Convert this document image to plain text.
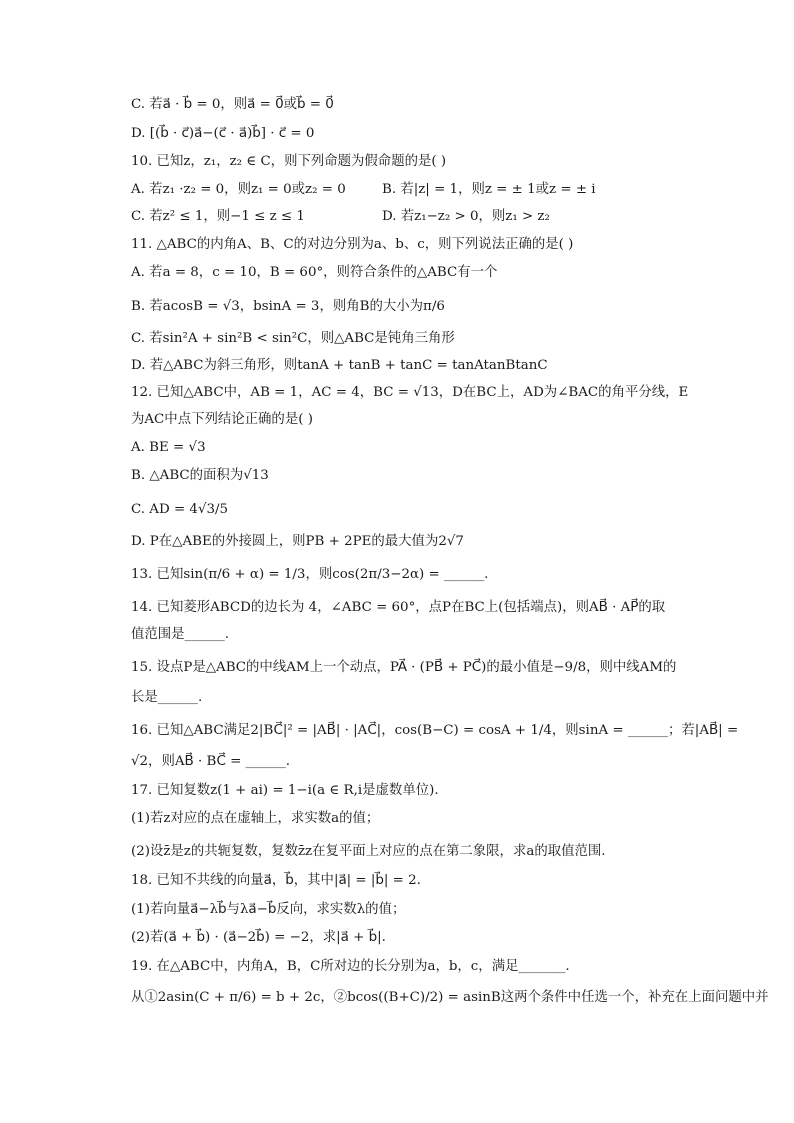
C. 若a⃗ · b⃗ = 0，则a⃗ = 0⃗或b⃗ = 0⃗
D. [(b⃗ · c⃗)a⃗−(c⃗ · a⃗)b⃗] · c⃗ = 0
10. 已知z，z₁，z₂ ∈ C，则下列命题为假命题的是( )
A. 若z₁ ·z₂ = 0，则z₁ = 0或z₂ = 0	B. 若|z| = 1，则z = ± 1或z = ± i
C. 若z² ≤ 1，则−1 ≤ z ≤ 1	D. 若z₁−z₂ > 0，则z₁ > z₂
11. △ABC的内角A、B、C的对边分别为a、b、c，则下列说法正确的是( )
A. 若a = 8，c = 10，B = 60°，则符合条件的△ABC有一个
B. 若acosB = √3，bsinA = 3，则角B的大小为π/6
C. 若sin²A + sin²B < sin²C，则△ABC是钝角三角形
D. 若△ABC为斜三角形，则tanA + tanB + tanC = tanAtanBtanC
12. 已知△ABC中，AB = 1，AC = 4，BC = √13，D在BC上，AD为∠BAC的角平分线，E
为AC中点下列结论正确的是( )
A. BE = √3
B. △ABC的面积为√13
C. AD = 4√3/5
D. P在△ABE的外接圆上，则PB + 2PE的最大值为2√7
13. 已知sin(π/6 + α) = 1/3，则cos(2π/3−2α) = ______.
14. 已知菱形ABCD的边长为 4，∠ABC = 60°，点P在BC上(包括端点)，则AB⃗ · AP⃗的取
值范围是______.
15. 设点P是△ABC的中线AM上一个动点，PA⃗ · (PB⃗ + PC⃗)的最小值是−9/8，则中线AM的
长是______.
16. 已知△ABC满足2|BC⃗|² = |AB⃗| · |AC⃗|，cos(B−C) = cosA + 1/4，则sinA = ______；若|AB⃗| =
√2，则AB⃗ · BC⃗ = ______.
17. 已知复数z(1 + ai) = 1−i(a ∈ R,i是虚数单位).
(1)若z对应的点在虚轴上，求实数a的值；
(2)设z̄是z的共轭复数，复数z̄z在复平面上对应的点在第二象限，求a的取值范围.
18. 已知不共线的向量a⃗，b⃗，其中|a⃗| = |b⃗| = 2.
(1)若向量a⃗−λb⃗与λa⃗−b⃗反向，求实数λ的值；
(2)若(a⃗ + b⃗) · (a⃗−2b⃗) = −2，求|a⃗ + b⃗|.
19. 在△ABC中，内角A，B，C所对边的长分别为a，b，c，满足_______.
从①2asin(C + π/6) = b + 2c，②bcos((B+C)/2) = asinB这两个条件中任选一个，补充在上面问题中并
